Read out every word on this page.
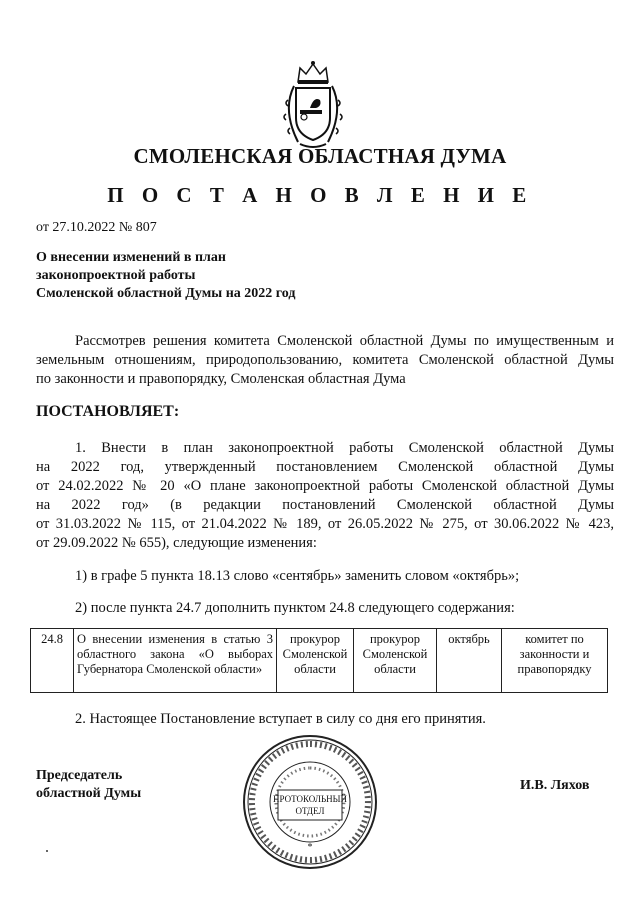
СМОЛЕНСКАЯ ОБЛАСТНАЯ ДУМА
П О С Т А Н О В Л Е Н И Е
от 27.10.2022 № 807
О внесении изменений в план
законопроектной работы
Смоленской областной Думы на 2022 год
Рассмотрев решения комитета Смоленской областной Думы по имущественным и
земельным отношениям, природопользованию, комитета Смоленской областной Думы
по законности и правопорядку, Смоленская областная Дума
ПОСТАНОВЛЯЕТ:
1. Внести в план законопроектной работы Смоленской областной Думы
на 2022 год, утвержденный постановлением Смоленской областной Думы
от 24.02.2022 № 20 «О плане законопроектной работы Смоленской областной Думы
на 2022 год» (в редакции постановлений Смоленской областной Думы
от 31.03.2022 № 115, от 21.04.2022 № 189, от 26.05.2022 № 275, от 30.06.2022 № 423,
от 29.09.2022 № 655), следующие изменения:
1) в графе 5 пункта 18.13 слово «сентябрь» заменить словом «октябрь»;
2) после пункта 24.7 дополнить пунктом 24.8 следующего содержания:
24.8	О внесении изменения в статью 3 областного закона «О выборах Губернатора Смоленской области»	прокурор Смоленской области	прокурор Смоленской области	октябрь	комитет по законности и правопорядку
2. Настоящее Постановление вступает в силу со дня его принятия.
Председатель
областной Думы
И.В. Ляхов
ПРОТОКОЛЬНЫЙ
ОТДЕЛ
*
